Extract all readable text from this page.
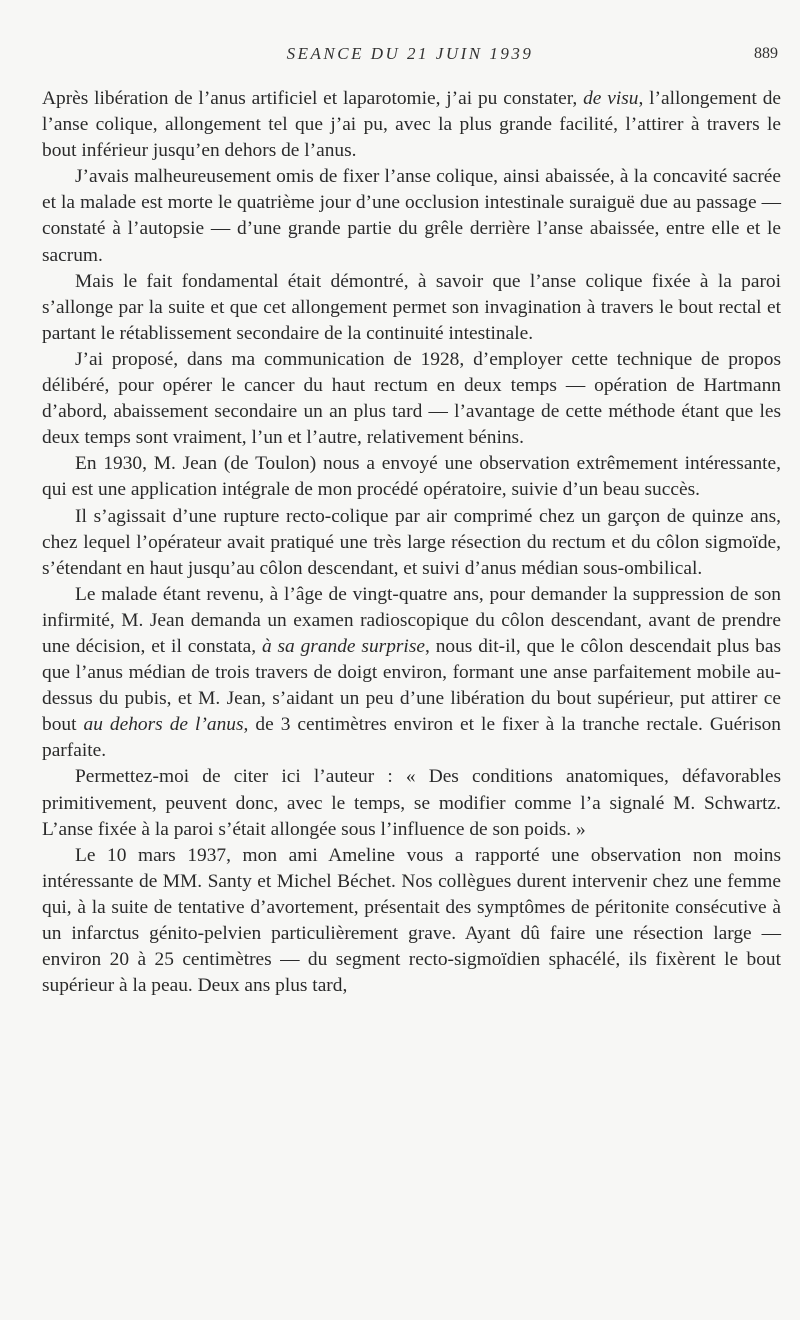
SEANCE DU 21 JUIN 1939	889

Après libération de l’anus artificiel et laparotomie, j’ai pu constater, de visu, l’allongement de l’anse colique, allongement tel que j’ai pu, avec la plus grande facilité, l’attirer à travers le bout inférieur jusqu’en dehors de l’anus.

J’avais malheureusement omis de fixer l’anse colique, ainsi abaissée, à la concavité sacrée et la malade est morte le quatrième jour d’une occlusion intestinale suraiguë due au passage — constaté à l’autopsie — d’une grande partie du grêle derrière l’anse abaissée, entre elle et le sacrum.

Mais le fait fondamental était démontré, à savoir que l’anse colique fixée à la paroi s’allonge par la suite et que cet allongement permet son invagination à travers le bout rectal et partant le rétablissement secondaire de la continuité intestinale.

J’ai proposé, dans ma communication de 1928, d’employer cette technique de propos délibéré, pour opérer le cancer du haut rectum en deux temps — opération de Hartmann d’abord, abaissement secondaire un an plus tard — l’avantage de cette méthode étant que les deux temps sont vraiment, l’un et l’autre, relativement bénins.

En 1930, M. Jean (de Toulon) nous a envoyé une observation extrêmement intéressante, qui est une application intégrale de mon procédé opératoire, suivie d’un beau succès.

Il s’agissait d’une rupture recto-colique par air comprimé chez un garçon de quinze ans, chez lequel l’opérateur avait pratiqué une très large résection du rectum et du côlon sigmoïde, s’étendant en haut jusqu’au côlon descendant, et suivi d’anus médian sous-ombilical.

Le malade étant revenu, à l’âge de vingt-quatre ans, pour demander la suppression de son infirmité, M. Jean demanda un examen radioscopique du côlon descendant, avant de prendre une décision, et il constata, à sa grande surprise, nous dit-il, que le côlon descendait plus bas que l’anus médian de trois travers de doigt environ, formant une anse parfaitement mobile au-dessus du pubis, et M. Jean, s’aidant un peu d’une libération du bout supérieur, put attirer ce bout au dehors de l’anus, de 3 centimètres environ et le fixer à la tranche rectale. Guérison parfaite.

Permettez-moi de citer ici l’auteur : « Des conditions anatomiques, défavorables primitivement, peuvent donc, avec le temps, se modifier comme l’a signalé M. Schwartz. L’anse fixée à la paroi s’était allongée sous l’influence de son poids. »

Le 10 mars 1937, mon ami Ameline vous a rapporté une observation non moins intéressante de MM. Santy et Michel Béchet. Nos collègues durent intervenir chez une femme qui, à la suite de tentative d’avortement, présentait des symptômes de péritonite consécutive à un infarctus génito-pelvien particulièrement grave. Ayant dû faire une résection large — environ 20 à 25 centimètres — du segment recto-sigmoïdien sphacélé, ils fixèrent le bout supérieur à la peau. Deux ans plus tard,
